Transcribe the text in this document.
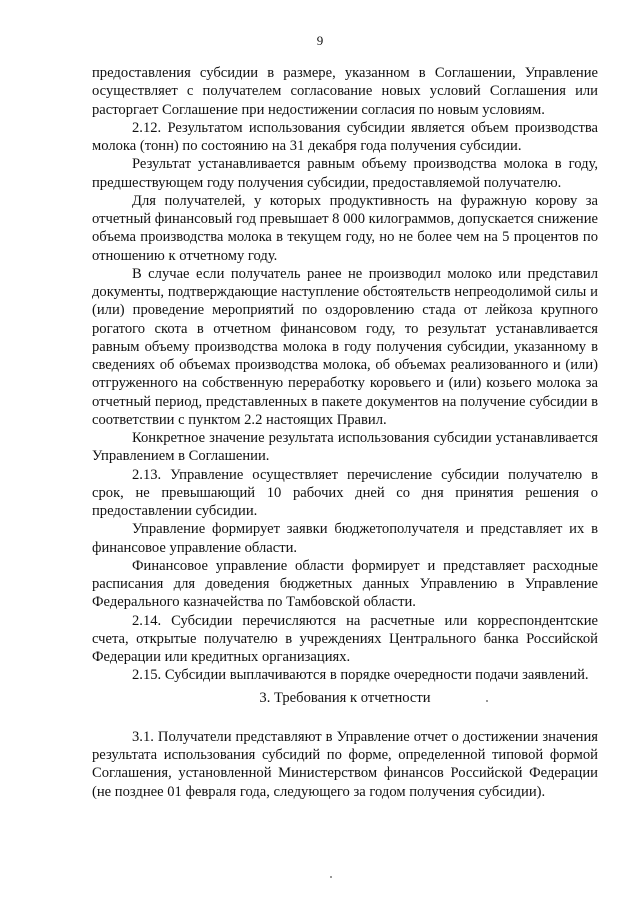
9

предоставления субсидии в размере, указанном в Соглашении, Управление осуществляет с получателем согласование новых условий Соглашения или расторгает Соглашение при недостижении согласия по новым условиям.

2.12. Результатом использования субсидии является объем производства молока (тонн) по состоянию на 31 декабря года получения субсидии.

Результат устанавливается равным объему производства молока в году, предшествующем году получения субсидии, предоставляемой получателю.

Для получателей, у которых продуктивность на фуражную корову за отчетный финансовый год превышает 8 000 килограммов, допускается снижение объема производства молока в текущем году, но не более чем на 5 процентов по отношению к отчетному году.

В случае если получатель ранее не производил молоко или представил документы, подтверждающие наступление обстоятельств непреодолимой силы и (или) проведение мероприятий по оздоровлению стада от лейкоза крупного рогатого скота в отчетном финансовом году, то результат устанавливается равным объему производства молока в году получения субсидии, указанному в сведениях об объемах производства молока, об объемах реализованного и (или) отгруженного на собственную переработку коровьего и (или) козьего молока за отчетный период, представленных в пакете документов на получение субсидии в соответствии с пунктом 2.2 настоящих Правил.

Конкретное значение результата использования субсидии устанавливается Управлением в Соглашении.

2.13. Управление осуществляет перечисление субсидии получателю в срок, не превышающий 10 рабочих дней со дня принятия решения о предоставлении субсидии.

Управление формирует заявки бюджетополучателя и представляет их в финансовое управление области.

Финансовое управление области формирует и представляет расходные расписания для доведения бюджетных данных Управлению в Управление Федерального казначейства по Тамбовской области.

2.14. Субсидии перечисляются на расчетные или корреспондентские счета, открытые получателю в учреждениях Центрального банка Российской Федерации или кредитных организациях.

2.15. Субсидии выплачиваются в порядке очередности подачи заявлений.

3. Требования к отчетности

3.1. Получатели представляют в Управление отчет о достижении значения результата использования субсидий по форме, определенной типовой формой Соглашения, установленной Министерством финансов Российской Федерации (не позднее 01 февраля года, следующего за годом получения субсидии).
